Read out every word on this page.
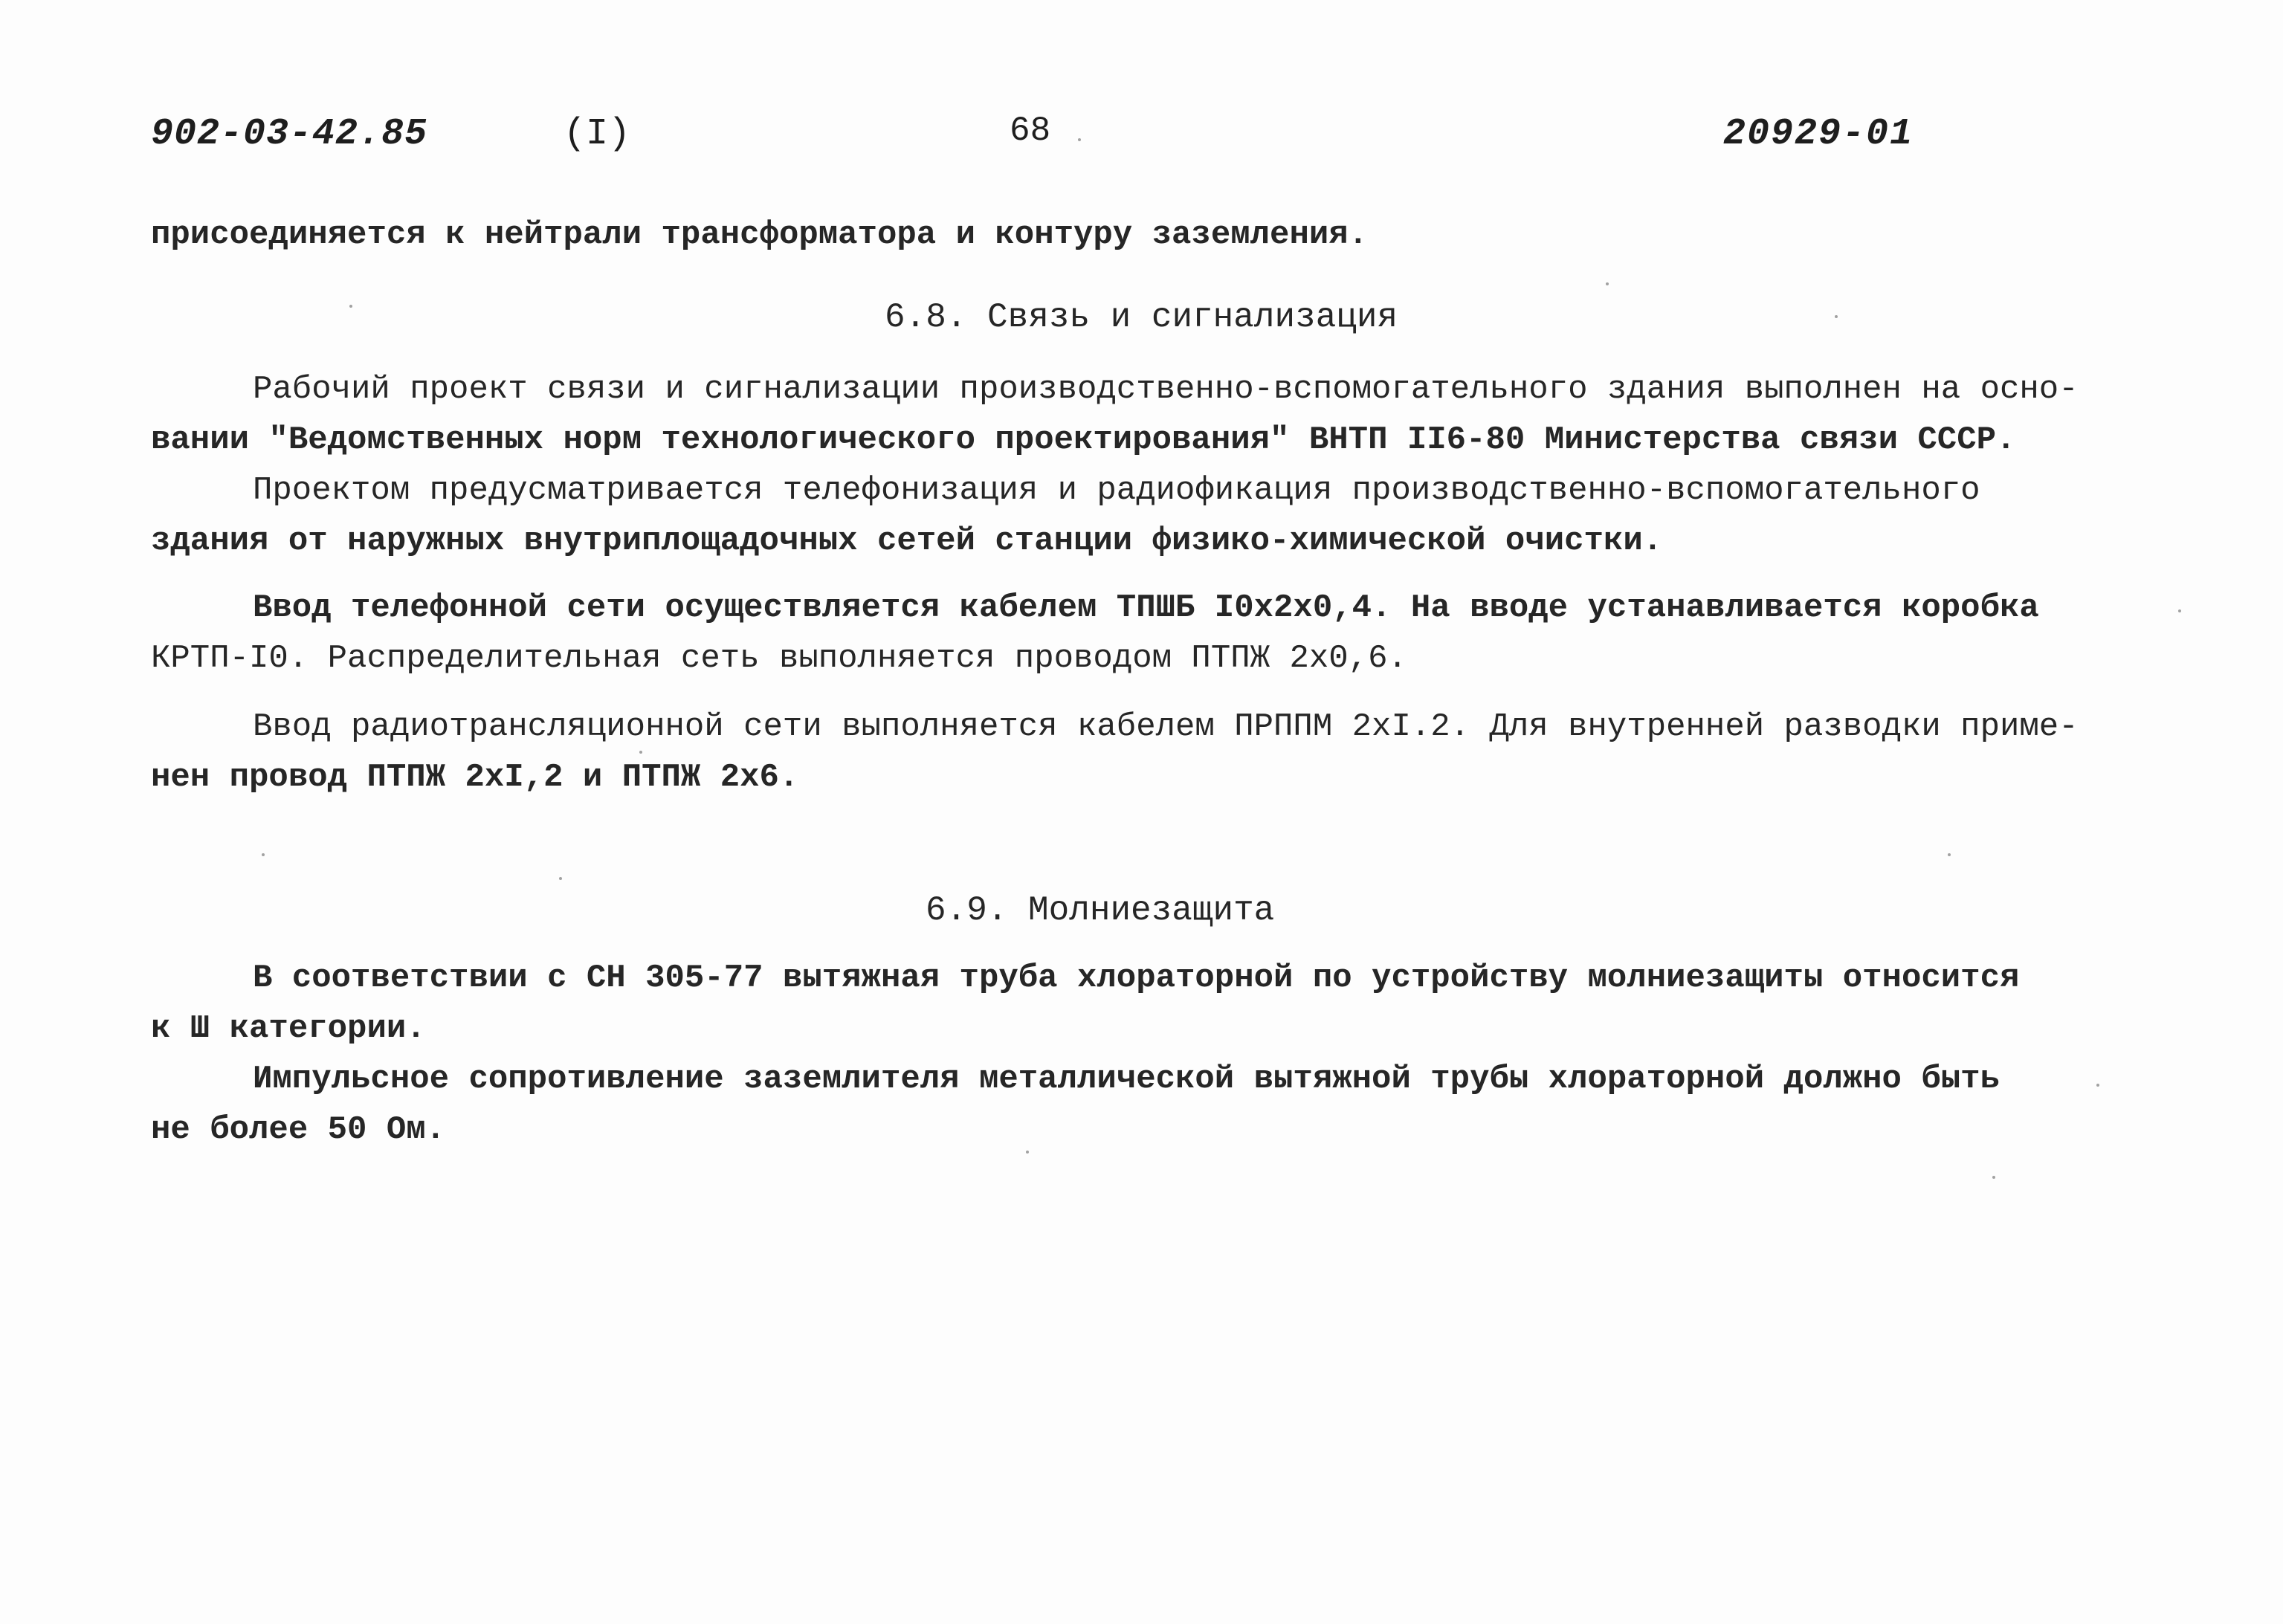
902-03-42.85	(I)	68	20929-01
присоединяется к нейтрали трансформатора и контуру заземления.
6.8. Связь и сигнализация
Рабочий проект связи и сигнализации производственно-вспомогательного здания выполнен на осно-
вании "Ведомственных норм технологического проектирования" ВНТП II6-80 Министерства связи СССР.
Проектом предусматривается телефонизация и радиофикация производственно-вспомогательного
здания от наружных внутриплощадочных сетей станции физико-химической очистки.
Ввод телефонной сети осуществляется кабелем ТПШБ I0х2х0,4. На вводе устанавливается коробка
КРТП-I0. Распределительная сеть выполняется проводом ПТПЖ 2х0,6.
Ввод радиотрансляционной сети выполняется кабелем ПРППМ 2хI.2. Для внутренней разводки приме-
нен провод ПТПЖ 2хI,2 и ПТПЖ 2х6.
6.9. Молниезащита
В соответствии с СН 305-77 вытяжная труба хлораторной по устройству молниезащиты относится
к Ш категории.
Импульсное сопротивление заземлителя металлической вытяжной трубы хлораторной должно быть
не более 50 Ом.
